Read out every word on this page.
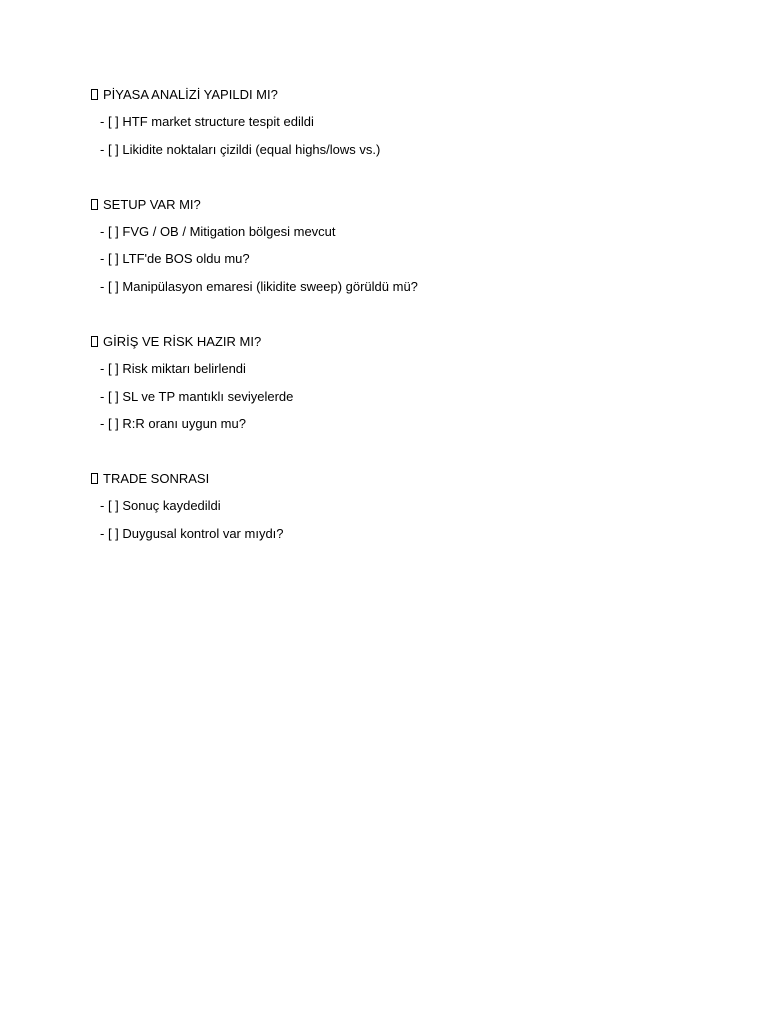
PİYASA ANALİZİ YAPILDI MI?
- [ ] HTF market structure tespit edildi
- [ ] Likidite noktaları çizildi (equal highs/lows vs.)
SETUP VAR MI?
- [ ] FVG / OB / Mitigation bölgesi mevcut
- [ ] LTF'de BOS oldu mu?
- [ ] Manipülasyon emaresi (likidite sweep) görüldü mü?
GİRİŞ VE RİSK HAZIR MI?
- [ ] Risk miktarı belirlendi
- [ ] SL ve TP mantıklı seviyelerde
- [ ] R:R oranı uygun mu?
TRADE SONRASI
- [ ] Sonuç kaydedildi
- [ ] Duygusal kontrol var mıydı?
